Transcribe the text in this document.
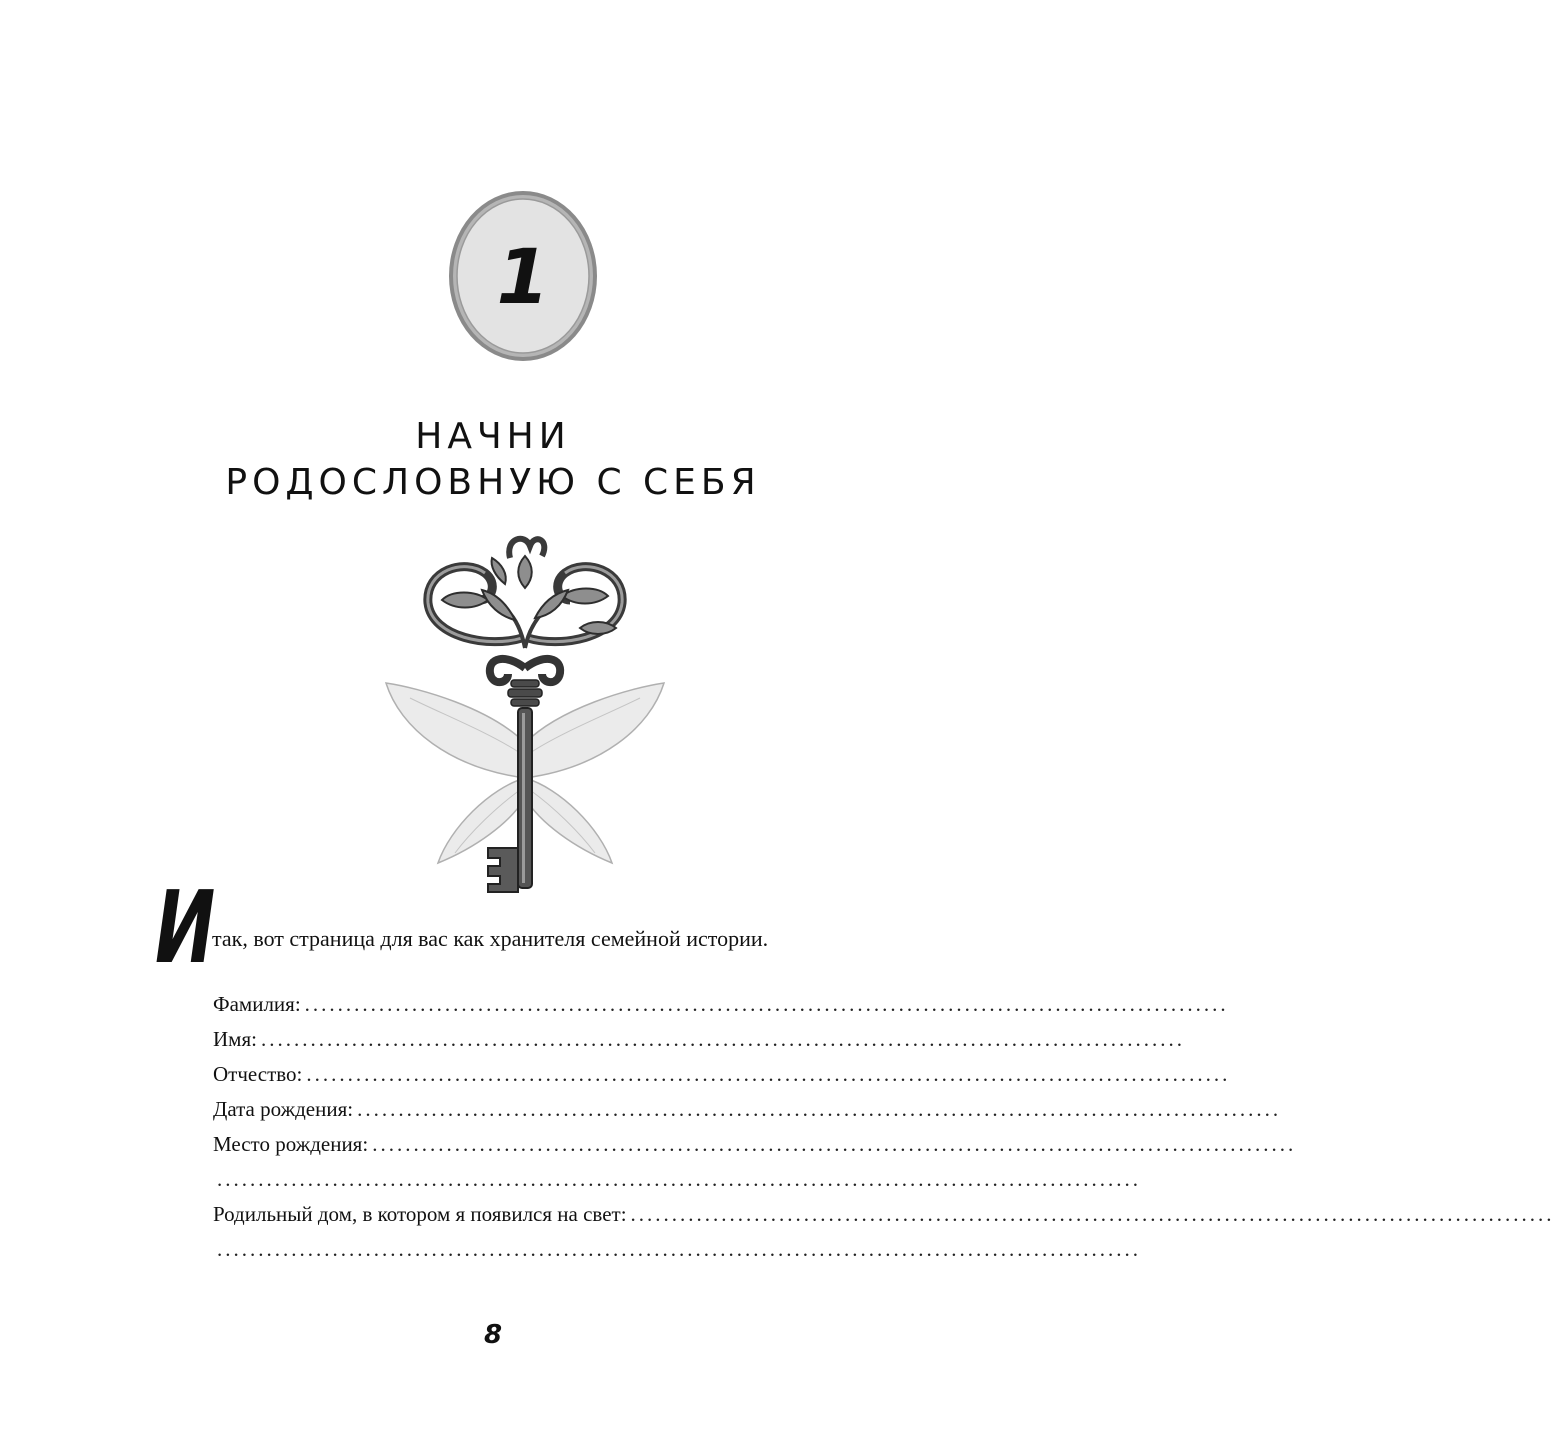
1
НАЧНИ
РОДОСЛОВНУЮ С СЕБЯ
И
так, вот страница для вас как хранителя семейной истории.
Фамилия: ................................................................................................................
Имя: ................................................................................................................
Отчество: ................................................................................................................
Дата рождения: ................................................................................................................
Место рождения: ................................................................................................................
................................................................................................................
Родильный дом, в котором я появился на свет: ................................................................................................................
................................................................................................................
8
